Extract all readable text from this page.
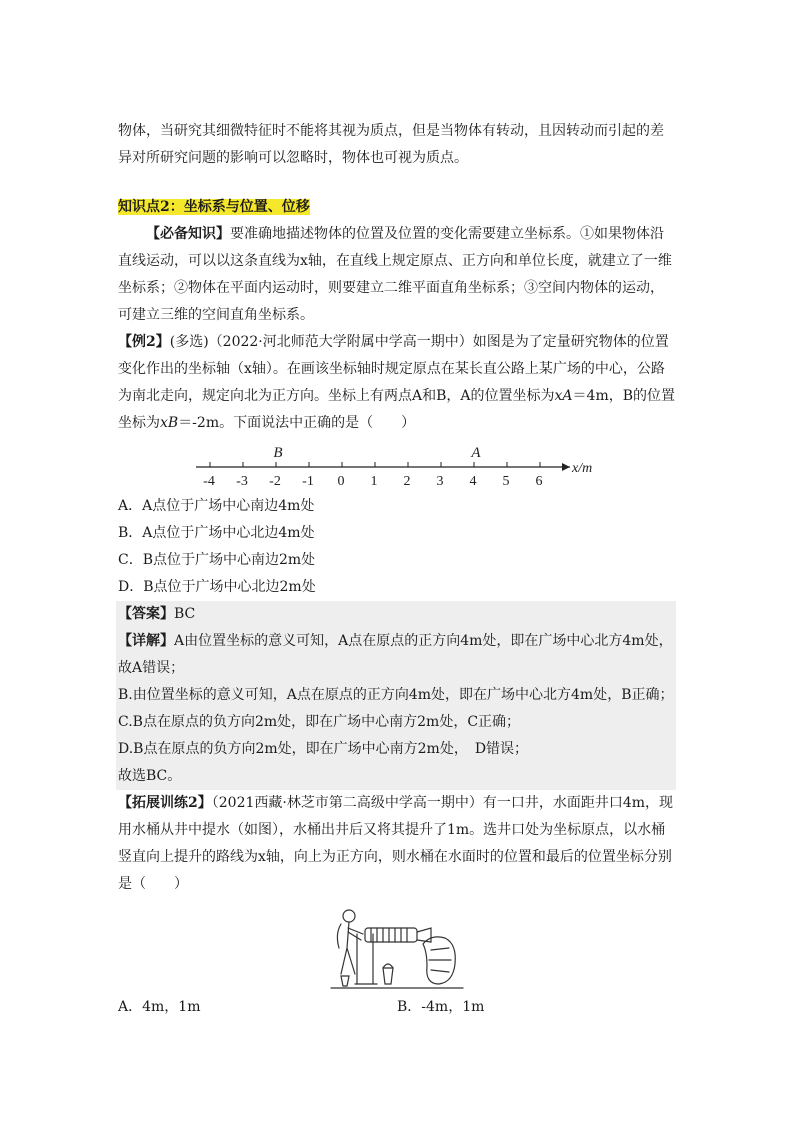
物体，当研究其细微特征时不能将其视为质点，但是当物体有转动，且因转动而引起的差异对所研究问题的影响可以忽略时，物体也可视为质点。

知识点2：坐标系与位置、位移

【必备知识】要准确地描述物体的位置及位置的变化需要建立坐标系。①如果物体沿直线运动，可以以这条直线为x轴，在直线上规定原点、正方向和单位长度，就建立了一维坐标系；②物体在平面内运动时，则要建立二维平面直角坐标系；③空间内物体的运动，可建立三维的空间直角坐标系。

【例2】(多选)（2022·河北师范大学附属中学高一期中）如图是为了定量研究物体的位置变化作出的坐标轴（x轴）。在画该坐标轴时规定原点在某长直公路上某广场的中心，公路为南北走向，规定向北为正方向。坐标上有两点A和B，A的位置坐标为xA＝4m，B的位置坐标为xB＝-2m。下面说法中正确的是（　　）

-4 -3 -2 -1 0 1 2 3 4 5 6
x/m
B	A

A．A点位于广场中心南边4m处

B．A点位于广场中心北边4m处

C．B点位于广场中心南边2m处

D．B点位于广场中心北边2m处

【答案】BC

【详解】A由位置坐标的意义可知，A点在原点的正方向4m处，即在广场中心北方4m处，故A错误；

B.由位置坐标的意义可知，A点在原点的正方向4m处，即在广场中心北方4m处，B正确；

C.B点在原点的负方向2m处，即在广场中心南方2m处，C正确；

D.B点在原点的负方向2m处，即在广场中心南方2m处，　D错误；

故选BC。

【拓展训练2】（2021西藏·林芝市第二高级中学高一期中）有一口井，水面距井口4m，现用水桶从井中提水（如图），水桶出井后又将其提升了1m。选井口处为坐标原点，以水桶竖直向上提升的路线为x轴，向上为正方向，则水桶在水面时的位置和最后的位置坐标分别是（　　）

A．4m，1m	B．-4m，1m
